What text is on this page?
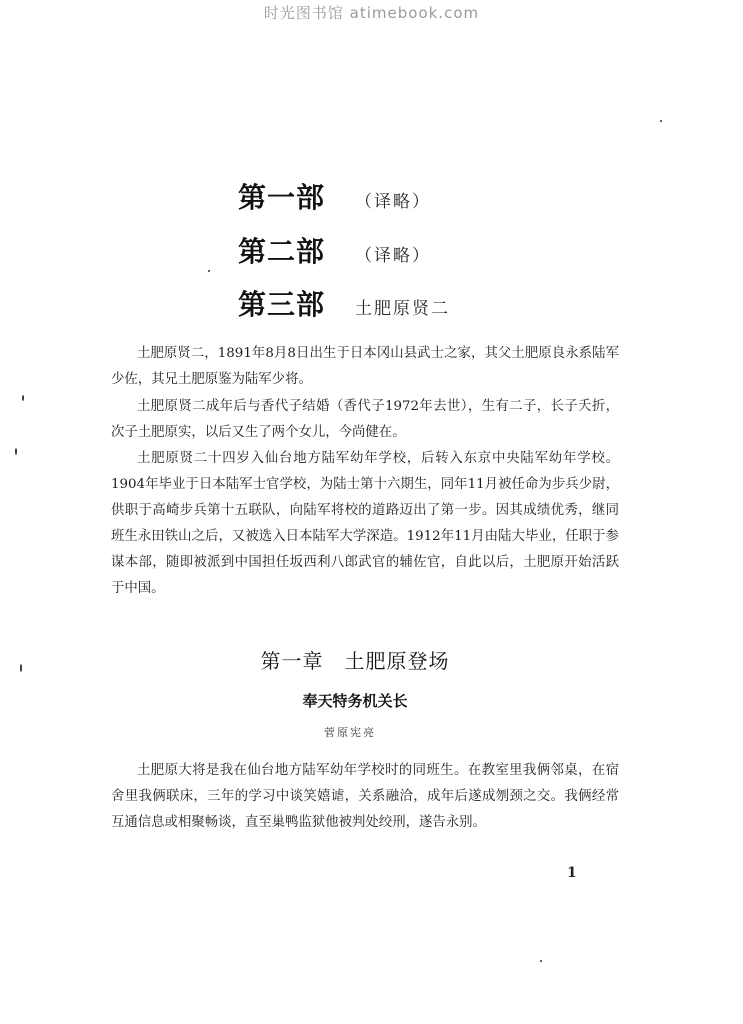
时光图书馆 atimebook.com
第一部 （译略）
第二部 （译略）
第三部 土肥原贤二

土肥原贤二，1891年8月8日出生于日本冈山县武士之家，其父土肥原良永系陆军少佐，其兄土肥原鉴为陆军少将。

土肥原贤二成年后与香代子结婚（香代子1972年去世），生有二子，长子夭折，次子土肥原实，以后又生了两个女儿，今尚健在。

土肥原贤二十四岁入仙台地方陆军幼年学校，后转入东京中央陆军幼年学校。1904年毕业于日本陆军士官学校，为陆士第十六期生，同年11月被任命为步兵少尉，供职于高崎步兵第十五联队，向陆军将校的道路迈出了第一步。因其成绩优秀，继同班生永田铁山之后，又被选入日本陆军大学深造。1912年11月由陆大毕业，任职于参谋本部，随即被派到中国担任坂西利八郎武官的辅佐官，自此以后，土肥原开始活跃于中国。

第一章　土肥原登场
奉天特务机关长
菅原宪亮

土肥原大将是我在仙台地方陆军幼年学校时的同班生。在教室里我俩邻桌，在宿舍里我俩联床，三年的学习中谈笑嬉谑，关系融洽，成年后遂成刎颈之交。我俩经常互通信息或相聚畅谈，直至巢鸭监狱他被判处绞刑，遂告永别。

1
